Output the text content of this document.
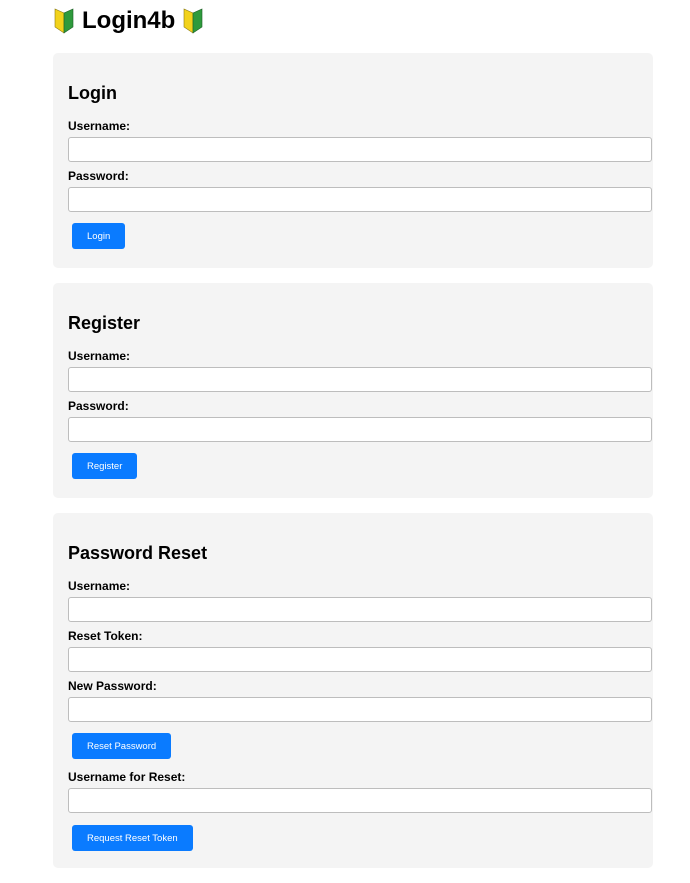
Login4b
Login
Username:
Password:
Login
Register
Username:
Password:
Register
Password Reset
Username:
Reset Token:
New Password:
Reset Password
Username for Reset:
Request Reset Token
